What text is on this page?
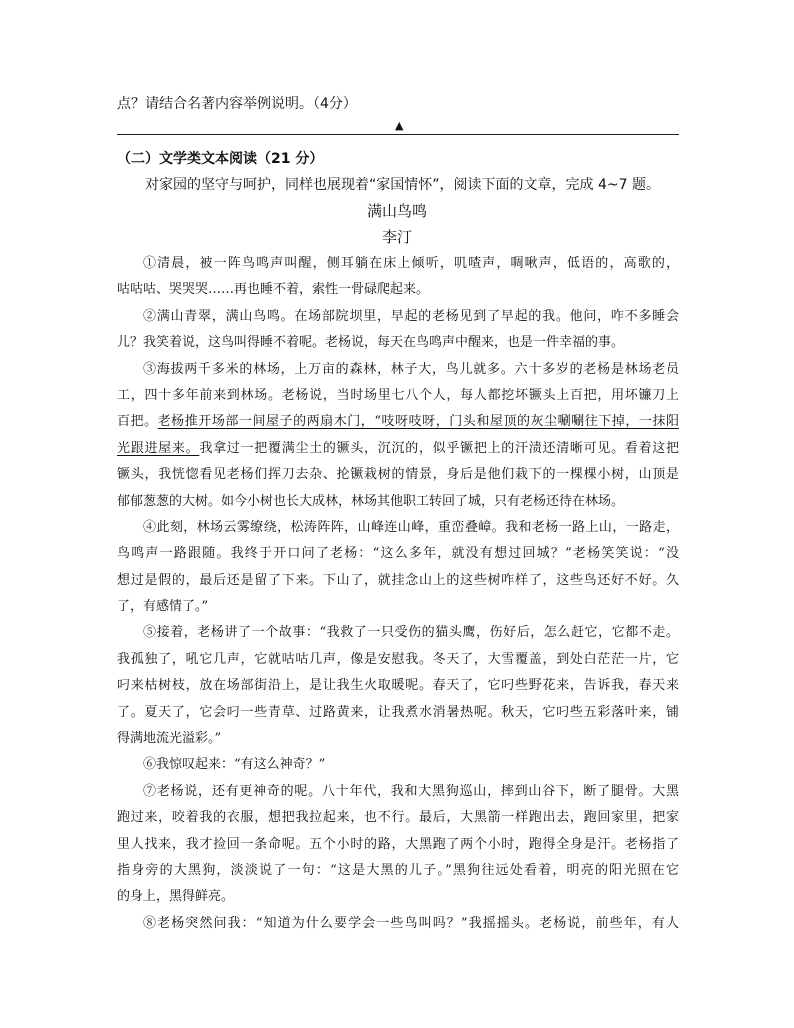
点？请结合名著内容举例说明。（4分）
▲
（二）文学类文本阅读（21 分）
对家园的坚守与呵护，同样也展现着“家国情怀”，阅读下面的文章，完成 4~7 题。
满山鸟鸣
李汀
①清晨，被一阵鸟鸣声叫醒，侧耳躺在床上倾听，叽喳声，啁啾声，低语的，高歌的，
咕咕咕、哭哭哭……再也睡不着，索性一骨碌爬起来。
②满山青翠，满山鸟鸣。在场部院坝里，早起的老杨见到了早起的我。他问，咋不多睡会
儿？我笑着说，这鸟叫得睡不着呢。老杨说，每天在鸟鸣声中醒来，也是一件幸福的事。
③海拔两千多米的林场，上万亩的森林，林子大，鸟儿就多。六十多岁的老杨是林场老员
工，四十多年前来到林场。老杨说，当时场里七八个人，每人都挖坏镢头上百把，用坏镰刀上
百把。老杨推开场部一间屋子的两扇木门，“吱呀吱呀，门头和屋顶的灰尘唰唰往下掉，一抹阳
光跟进屋来。我拿过一把覆满尘土的镢头，沉沉的，似乎镢把上的汗渍还清晰可见。看着这把
镢头，我恍惚看见老杨们挥刀去杂、抡镢栽树的情景，身后是他们栽下的一棵棵小树，山顶是
郁郁葱葱的大树。如今小树也长大成林，林场其他职工转回了城，只有老杨还待在林场。
④此刻，林场云雾缭绕，松涛阵阵，山峰连山峰，重峦叠嶂。我和老杨一路上山，一路走，
鸟鸣声一路跟随。我终于开口问了老杨：“这么多年，就没有想过回城？”老杨笑笑说：“没
想过是假的，最后还是留了下来。下山了，就挂念山上的这些树咋样了，这些鸟还好不好。久
了，有感情了。”
⑤接着，老杨讲了一个故事：“我救了一只受伤的猫头鹰，伤好后，怎么赶它，它都不走。
我孤独了，吼它几声，它就咕咕几声，像是安慰我。冬天了，大雪覆盖，到处白茫茫一片，它
叼来枯树枝，放在场部街沿上，是让我生火取暖呢。春天了，它叼些野花来，告诉我，春天来
了。夏天了，它会叼一些青草、过路黄来，让我煮水消暑热呢。秋天，它叼些五彩落叶来，铺
得满地流光溢彩。”
⑥我惊叹起来：“有这么神奇？”
⑦老杨说，还有更神奇的呢。八十年代，我和大黑狗巡山，摔到山谷下，断了腿骨。大黑
跑过来，咬着我的衣服，想把我拉起来，也不行。最后，大黑箭一样跑出去，跑回家里，把家
里人找来，我才捡回一条命呢。五个小时的路，大黑跑了两个小时，跑得全身是汗。老杨指了
指身旁的大黑狗，淡淡说了一句：“这是大黑的儿子。”黑狗往远处看着，明亮的阳光照在它
的身上，黑得鲜亮。
⑧老杨突然问我：“知道为什么要学会一些鸟叫吗？”我摇摇头。老杨说，前些年，有人
